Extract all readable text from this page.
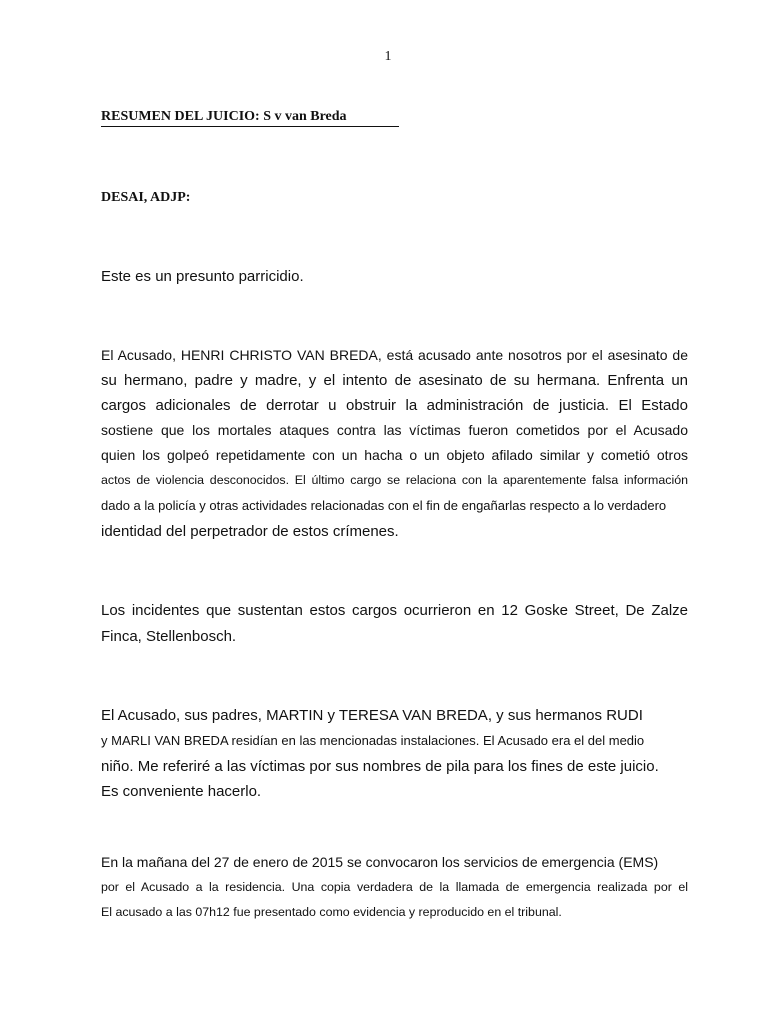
1
RESUMEN DEL JUICIO: S v van Breda
DESAI, ADJP:
Este es un presunto parricidio.
El Acusado, HENRI CHRISTO VAN BREDA, está acusado ante nosotros por el asesinato de
su hermano, padre y madre, y el intento de asesinato de su hermana. Enfrenta un
cargos adicionales de derrotar u obstruir la administración de justicia. El Estado
sostiene que los mortales ataques contra las víctimas fueron cometidos por el Acusado
quien los golpeó repetidamente con un hacha o un objeto afilado similar y cometió otros
actos de violencia desconocidos. El último cargo se relaciona con la aparentemente falsa información
dado a la policía y otras actividades relacionadas con el fin de engañarlas respecto a lo verdadero
identidad del perpetrador de estos crímenes.
Los incidentes que sustentan estos cargos ocurrieron en 12 Goske Street, De Zalze
Finca, Stellenbosch.
El Acusado, sus padres, MARTIN y TERESA VAN BREDA, y sus hermanos RUDI
y MARLI VAN BREDA residían en las mencionadas instalaciones. El Acusado era el del medio
niño. Me referiré a las víctimas por sus nombres de pila para los fines de este juicio.
Es conveniente hacerlo.
En la mañana del 27 de enero de 2015 se convocaron los servicios de emergencia (EMS)
por el Acusado a la residencia. Una copia verdadera de la llamada de emergencia realizada por el
El acusado a las 07h12 fue presentado como evidencia y reproducido en el tribunal.
